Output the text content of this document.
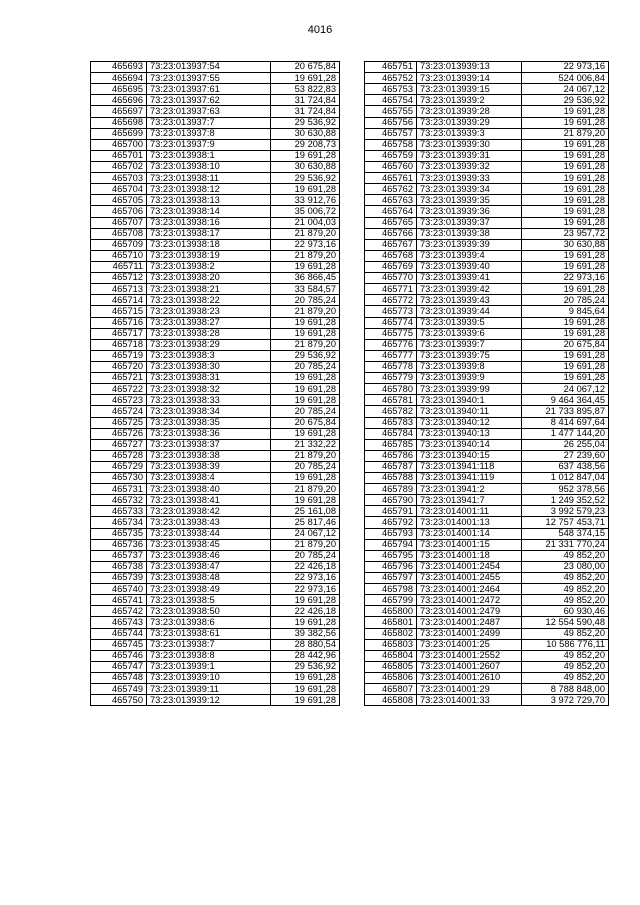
4016
465693	73:23:013937:54	20 675,84
465694	73:23:013937:55	19 691,28
465695	73:23:013937:61	53 822,83
465696	73:23:013937:62	31 724,84
465697	73:23:013937:63	31 724,84
465698	73:23:013937:7	29 536,92
465699	73:23:013937:8	30 630,88
465700	73:23:013937:9	29 208,73
465701	73:23:013938:1	19 691,28
465702	73:23:013938:10	30 630,88
465703	73:23:013938:11	29 536,92
465704	73:23:013938:12	19 691,28
465705	73:23:013938:13	33 912,76
465706	73:23:013938:14	35 006,72
465707	73:23:013938:16	21 004,03
465708	73:23:013938:17	21 879,20
465709	73:23:013938:18	22 973,16
465710	73:23:013938:19	21 879,20
465711	73:23:013938:2	19 691,28
465712	73:23:013938:20	36 866,45
465713	73:23:013938:21	33 584,57
465714	73:23:013938:22	20 785,24
465715	73:23:013938:23	21 879,20
465716	73:23:013938:27	19 691,28
465717	73:23:013938:28	19 691,28
465718	73:23:013938:29	21 879,20
465719	73:23:013938:3	29 536,92
465720	73:23:013938:30	20 785,24
465721	73:23:013938:31	19 691,28
465722	73:23:013938:32	19 691,28
465723	73:23:013938:33	19 691,28
465724	73:23:013938:34	20 785,24
465725	73:23:013938:35	20 675,84
465726	73:23:013938:36	19 691,28
465727	73:23:013938:37	21 332,22
465728	73:23:013938:38	21 879,20
465729	73:23:013938:39	20 785,24
465730	73:23:013938:4	19 691,28
465731	73:23:013938:40	21 879,20
465732	73:23:013938:41	19 691,28
465733	73:23:013938:42	25 161,08
465734	73:23:013938:43	25 817,46
465735	73:23:013938:44	24 067,12
465736	73:23:013938:45	21 879,20
465737	73:23:013938:46	20 785,24
465738	73:23:013938:47	22 426,18
465739	73:23:013938:48	22 973,16
465740	73:23:013938:49	22 973,16
465741	73:23:013938:5	19 691,28
465742	73:23:013938:50	22 426,18
465743	73:23:013938:6	19 691,28
465744	73:23:013938:61	39 382,56
465745	73:23:013938:7	28 880,54
465746	73:23:013938:8	28 442,96
465747	73:23:013939:1	29 536,92
465748	73:23:013939:10	19 691,28
465749	73:23:013939:11	19 691,28
465750	73:23:013939:12	19 691,28
465751	73:23:013939:13	22 973,16
465752	73:23:013939:14	524 006,84
465753	73:23:013939:15	24 067,12
465754	73:23:013939:2	29 536,92
465755	73:23:013939:28	19 691,28
465756	73:23:013939:29	19 691,28
465757	73:23:013939:3	21 879,20
465758	73:23:013939:30	19 691,28
465759	73:23:013939:31	19 691,28
465760	73:23:013939:32	19 691,28
465761	73:23:013939:33	19 691,28
465762	73:23:013939:34	19 691,28
465763	73:23:013939:35	19 691,28
465764	73:23:013939:36	19 691,28
465765	73:23:013939:37	19 691,28
465766	73:23:013939:38	23 957,72
465767	73:23:013939:39	30 630,88
465768	73:23:013939:4	19 691,28
465769	73:23:013939:40	19 691,28
465770	73:23:013939:41	22 973,16
465771	73:23:013939:42	19 691,28
465772	73:23:013939:43	20 785,24
465773	73:23:013939:44	9 845,64
465774	73:23:013939:5	19 691,28
465775	73:23:013939:6	19 691,28
465776	73:23:013939:7	20 675,84
465777	73:23:013939:75	19 691,28
465778	73:23:013939:8	19 691,28
465779	73:23:013939:9	19 691,28
465780	73:23:013939:99	24 067,12
465781	73:23:013940:1	9 464 364,45
465782	73:23:013940:11	21 733 895,87
465783	73:23:013940:12	8 414 697,64
465784	73:23:013940:13	1 477 144,20
465785	73:23:013940:14	26 255,04
465786	73:23:013940:15	27 239,60
465787	73:23:013941:118	637 438,56
465788	73:23:013941:119	1 012 847,04
465789	73:23:013941:2	952 378,56
465790	73:23:013941:7	1 249 352,52
465791	73:23:014001:11	3 992 579,23
465792	73:23:014001:13	12 757 453,71
465793	73:23:014001:14	548 374,15
465794	73:23:014001:15	21 331 770,24
465795	73:23:014001:18	49 852,20
465796	73:23:014001:2454	23 080,00
465797	73:23:014001:2455	49 852,20
465798	73:23:014001:2464	49 852,20
465799	73:23:014001:2472	49 852,20
465800	73:23:014001:2479	60 930,46
465801	73:23:014001:2487	12 554 590,48
465802	73:23:014001:2499	49 852,20
465803	73:23:014001:25	10 586 776,11
465804	73:23:014001:2552	49 852,20
465805	73:23:014001:2607	49 852,20
465806	73:23:014001:2610	49 852,20
465807	73:23:014001:29	8 788 848,00
465808	73:23:014001:33	3 972 729,70
